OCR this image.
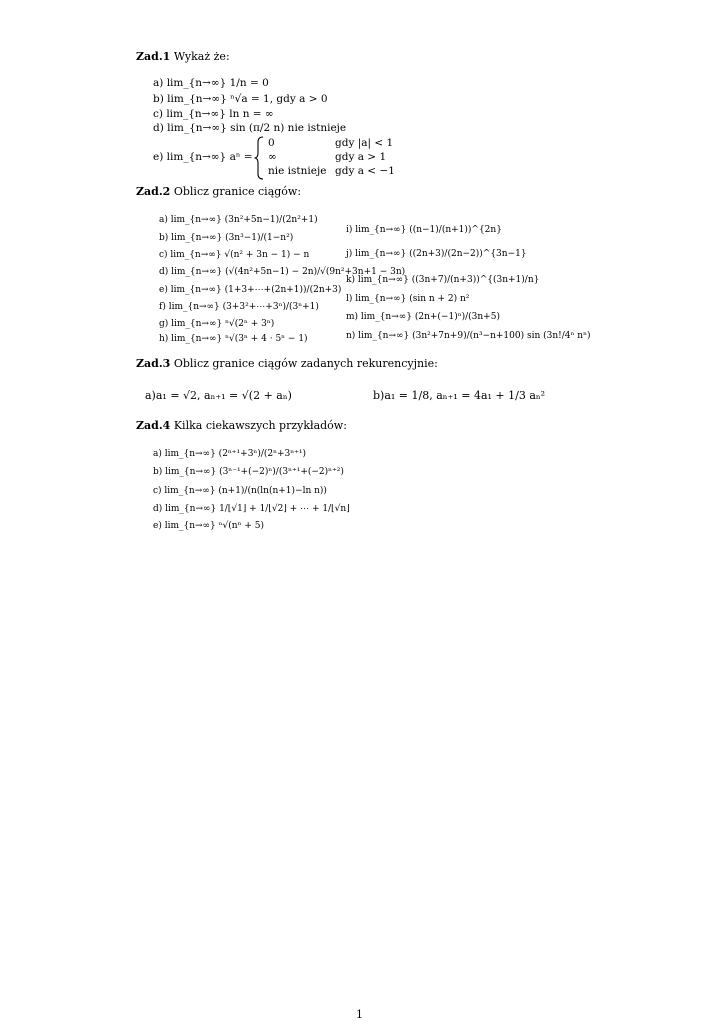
Zad.1 Wykaż że:
a) lim_{n→∞} 1/n = 0
b) lim_{n→∞} ⁿ√a = 1, gdy a > 0
c) lim_{n→∞} ln n = ∞
d) lim_{n→∞} sin (π/2 n) nie istnieje
e) lim_{n→∞} aⁿ =
0	gdy |a| < 1
∞	gdy a > 1
nie istnieje gdy a < −1
Zad.2 Oblicz granice ciągów:
a) lim_{n→∞} (3n²+5n−1)/(2n²+1)
b) lim_{n→∞} (3n³−1)/(1−n²)
c) lim_{n→∞} √(n² + 3n − 1) − n
d) lim_{n→∞} (√(4n²+5n−1) − 2n)/√(9n²+3n+1 − 3n)
e) lim_{n→∞} (1+3+⋯+(2n+1))/(2n+3)
f) lim_{n→∞} (3+3²+⋯+3ⁿ)/(3ⁿ+1)
g) lim_{n→∞} ⁿ√(2ⁿ + 3ⁿ)
h) lim_{n→∞} ⁿ√(3ⁿ + 4 · 5ⁿ − 1)
i) lim_{n→∞} ((n−1)/(n+1))^{2n}
j) lim_{n→∞} ((2n+3)/(2n−2))^{3n−1}
k) lim_{n→∞} ((3n+7)/(n+3))^{(3n+1)/n}
l) lim_{n→∞} (sin n + 2) n²
m) lim_{n→∞} (2n+(−1)ⁿ)/(3n+5)
n) lim_{n→∞} (3n²+7n+9)/(n³−n+100) sin (3n!/4ⁿ nⁿ)
Zad.3 Oblicz granice ciągów zadanych rekurencyjnie:
a)a₁ = √2, aₙ₊₁ = √(2 + aₙ)	b)a₁ = 1/8, aₙ₊₁ = 4a₁ + 1/3 aₙ²
Zad.4 Kilka ciekawszych przykładów:
a) lim_{n→∞} (2ⁿ⁺¹+3ⁿ)/(2ⁿ+3ⁿ⁺¹)
b) lim_{n→∞} (3ⁿ⁻¹+(−2)ⁿ)/(3ⁿ⁺¹+(−2)ⁿ⁺²)
c) lim_{n→∞} (n+1)/(n(ln(n+1)−ln n))
d) lim_{n→∞} 1/⌊√1⌋ + 1/⌊√2⌋ + ⋯ + 1/⌊√n⌋
e) lim_{n→∞} ⁿ√(nⁿ + 5)
1
